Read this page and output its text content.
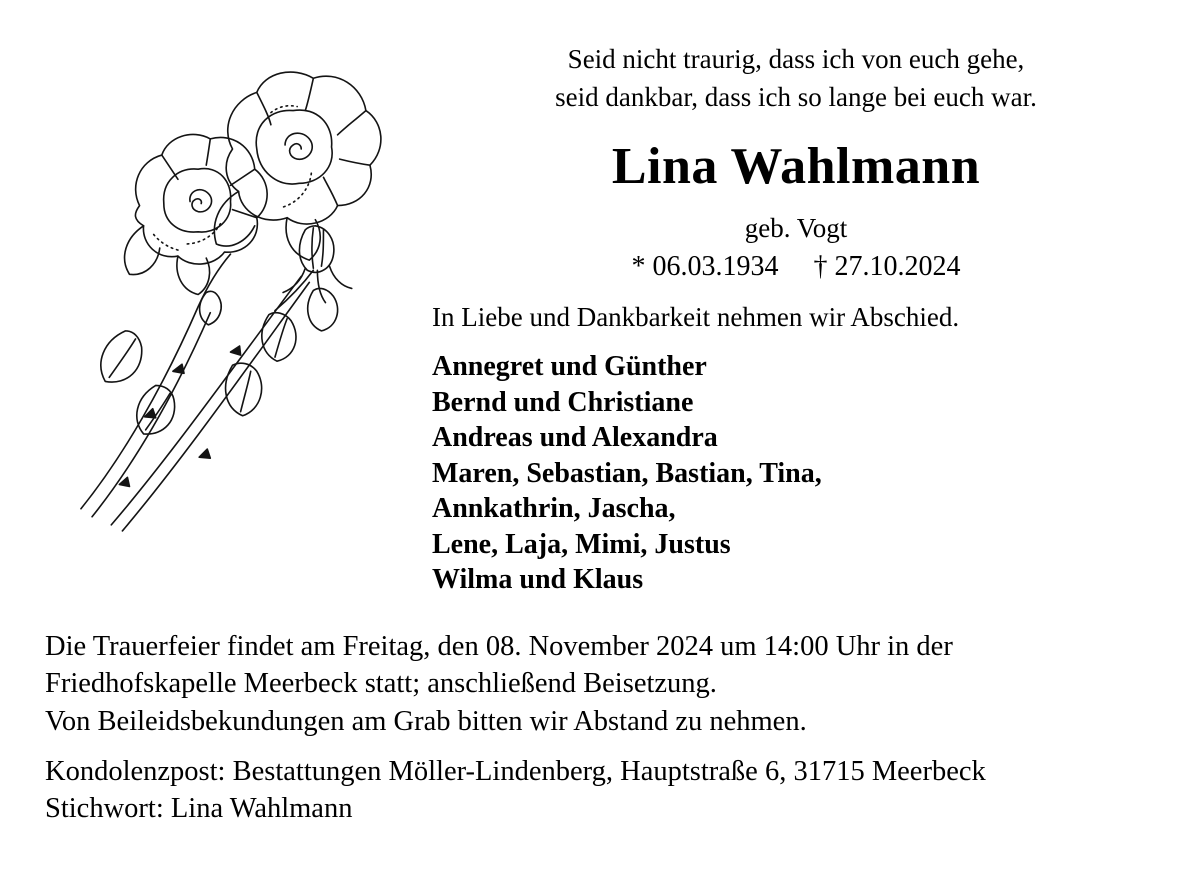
Seid nicht traurig, dass ich von euch gehe,
seid dankbar, dass ich so lange bei euch war.
Lina Wahlmann
geb. Vogt
* 06.03.1934 † 27.10.2024
In Liebe und Dankbarkeit nehmen wir Abschied.
Annegret und Günther
Bernd und Christiane
Andreas und Alexandra
Maren, Sebastian, Bastian, Tina,
Annkathrin, Jascha,
Lene, Laja, Mimi, Justus
Wilma und Klaus
Die Trauerfeier findet am Freitag, den 08. November 2024 um 14:00 Uhr in der
Friedhofskapelle Meerbeck statt; anschließend Beisetzung.
Von Beileidsbekundungen am Grab bitten wir Abstand zu nehmen.
Kondolenzpost: Bestattungen Möller-Lindenberg, Hauptstraße 6, 31715 Meerbeck
Stichwort: Lina Wahlmann
